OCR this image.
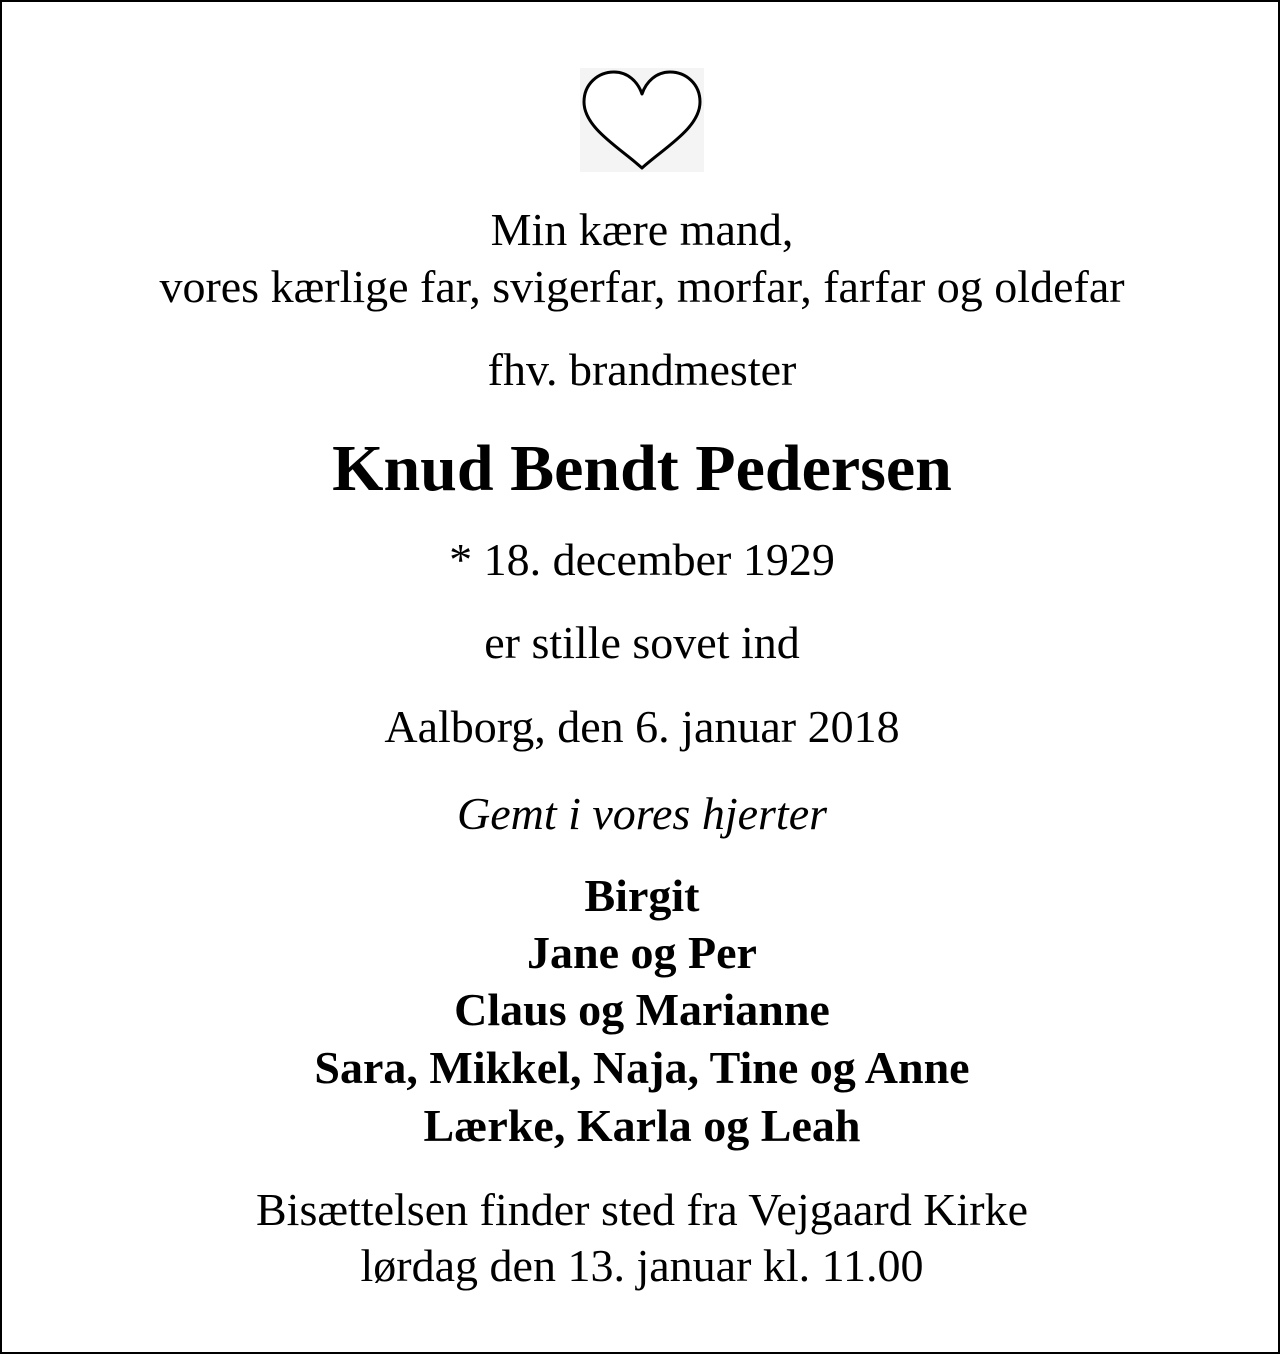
Min kære mand,
vores kærlige far, svigerfar, morfar, farfar og oldefar
fhv. brandmester
Knud Bendt Pedersen
* 18. december 1929
er stille sovet ind
Aalborg, den 6. januar 2018
Gemt i vores hjerter
Birgit
Jane og Per
Claus og Marianne
Sara, Mikkel, Naja, Tine og Anne
Lærke, Karla og Leah
Bisættelsen finder sted fra Vejgaard Kirke
lørdag den 13. januar kl. 11.00
